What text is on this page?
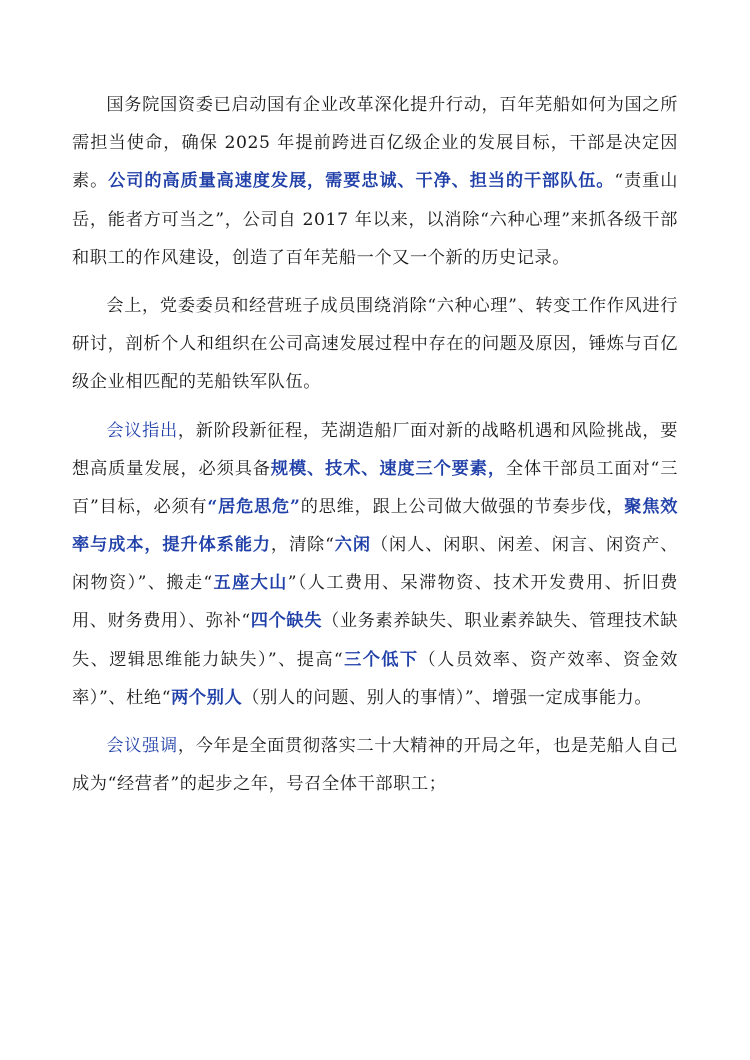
国务院国资委已启动国有企业改革深化提升行动，百年芜船如何为国之所需担当使命，确保 2025 年提前跨进百亿级企业的发展目标，干部是决定因素。公司的高质量高速度发展，需要忠诚、干净、担当的干部队伍。“责重山岳，能者方可当之”，公司自 2017 年以来，以消除“六种心理”来抓各级干部和职工的作风建设，创造了百年芜船一个又一个新的历史记录。

会上，党委委员和经营班子成员围绕消除“六种心理”、转变工作作风进行研讨，剖析个人和组织在公司高速发展过程中存在的问题及原因，锤炼与百亿级企业相匹配的芜船铁军队伍。

会议指出，新阶段新征程，芜湖造船厂面对新的战略机遇和风险挑战，要想高质量发展，必须具备规模、技术、速度三个要素，全体干部员工面对“三百”目标，必须有“居危思危”的思维，跟上公司做大做强的节奏步伐，聚焦效率与成本，提升体系能力，清除“六闲（闲人、闲职、闲差、闲言、闲资产、闲物资）”、搬走“五座大山”（人工费用、呆滞物资、技术开发费用、折旧费用、财务费用）、弥补“四个缺失（业务素养缺失、职业素养缺失、管理技术缺失、逻辑思维能力缺失）”、提高“三个低下（人员效率、资产效率、资金效率）”、杜绝“两个别人（别人的问题、别人的事情）”、增强一定成事能力。

会议强调，今年是全面贯彻落实二十大精神的开局之年，也是芜船人自己成为“经营者”的起步之年，号召全体干部职工；
